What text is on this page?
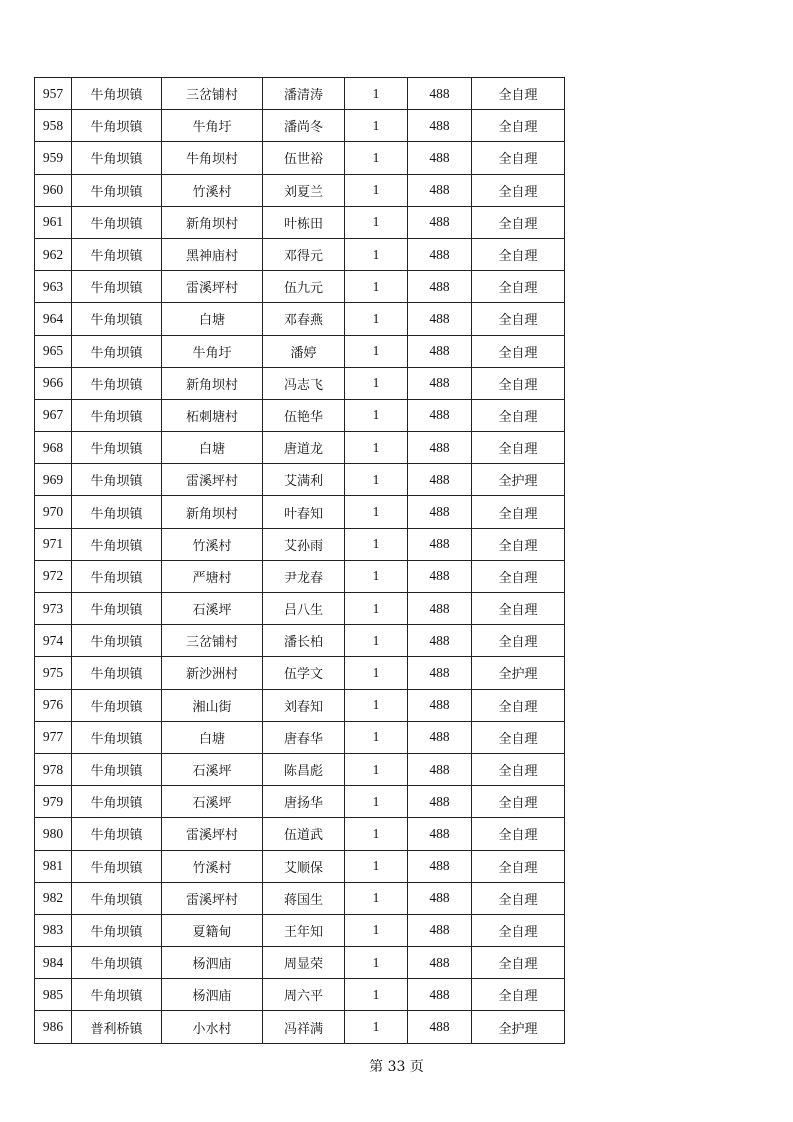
957	牛角坝镇	三岔铺村	潘清涛	1	488	全自理
958	牛角坝镇	牛角圩	潘尚冬	1	488	全自理
959	牛角坝镇	牛角坝村	伍世裕	1	488	全自理
960	牛角坝镇	竹溪村	刘夏兰	1	488	全自理
961	牛角坝镇	新角坝村	叶栋田	1	488	全自理
962	牛角坝镇	黑神庙村	邓得元	1	488	全自理
963	牛角坝镇	雷溪坪村	伍九元	1	488	全自理
964	牛角坝镇	白塘	邓春燕	1	488	全自理
965	牛角坝镇	牛角圩	潘婷	1	488	全自理
966	牛角坝镇	新角坝村	冯志飞	1	488	全自理
967	牛角坝镇	柘刺塘村	伍艳华	1	488	全自理
968	牛角坝镇	白塘	唐道龙	1	488	全自理
969	牛角坝镇	雷溪坪村	艾满利	1	488	全护理
970	牛角坝镇	新角坝村	叶春知	1	488	全自理
971	牛角坝镇	竹溪村	艾孙雨	1	488	全自理
972	牛角坝镇	严塘村	尹龙春	1	488	全自理
973	牛角坝镇	石溪坪	吕八生	1	488	全自理
974	牛角坝镇	三岔铺村	潘长柏	1	488	全自理
975	牛角坝镇	新沙洲村	伍学文	1	488	全护理
976	牛角坝镇	湘山街	刘春知	1	488	全自理
977	牛角坝镇	白塘	唐春华	1	488	全自理
978	牛角坝镇	石溪坪	陈昌彪	1	488	全自理
979	牛角坝镇	石溪坪	唐扬华	1	488	全自理
980	牛角坝镇	雷溪坪村	伍道武	1	488	全自理
981	牛角坝镇	竹溪村	艾顺保	1	488	全自理
982	牛角坝镇	雷溪坪村	蒋国生	1	488	全自理
983	牛角坝镇	夏籍甸	王年知	1	488	全自理
984	牛角坝镇	杨泗庙	周显荣	1	488	全自理
985	牛角坝镇	杨泗庙	周六平	1	488	全自理
986	普利桥镇	小水村	冯祥满	1	488	全护理
第 33 页
